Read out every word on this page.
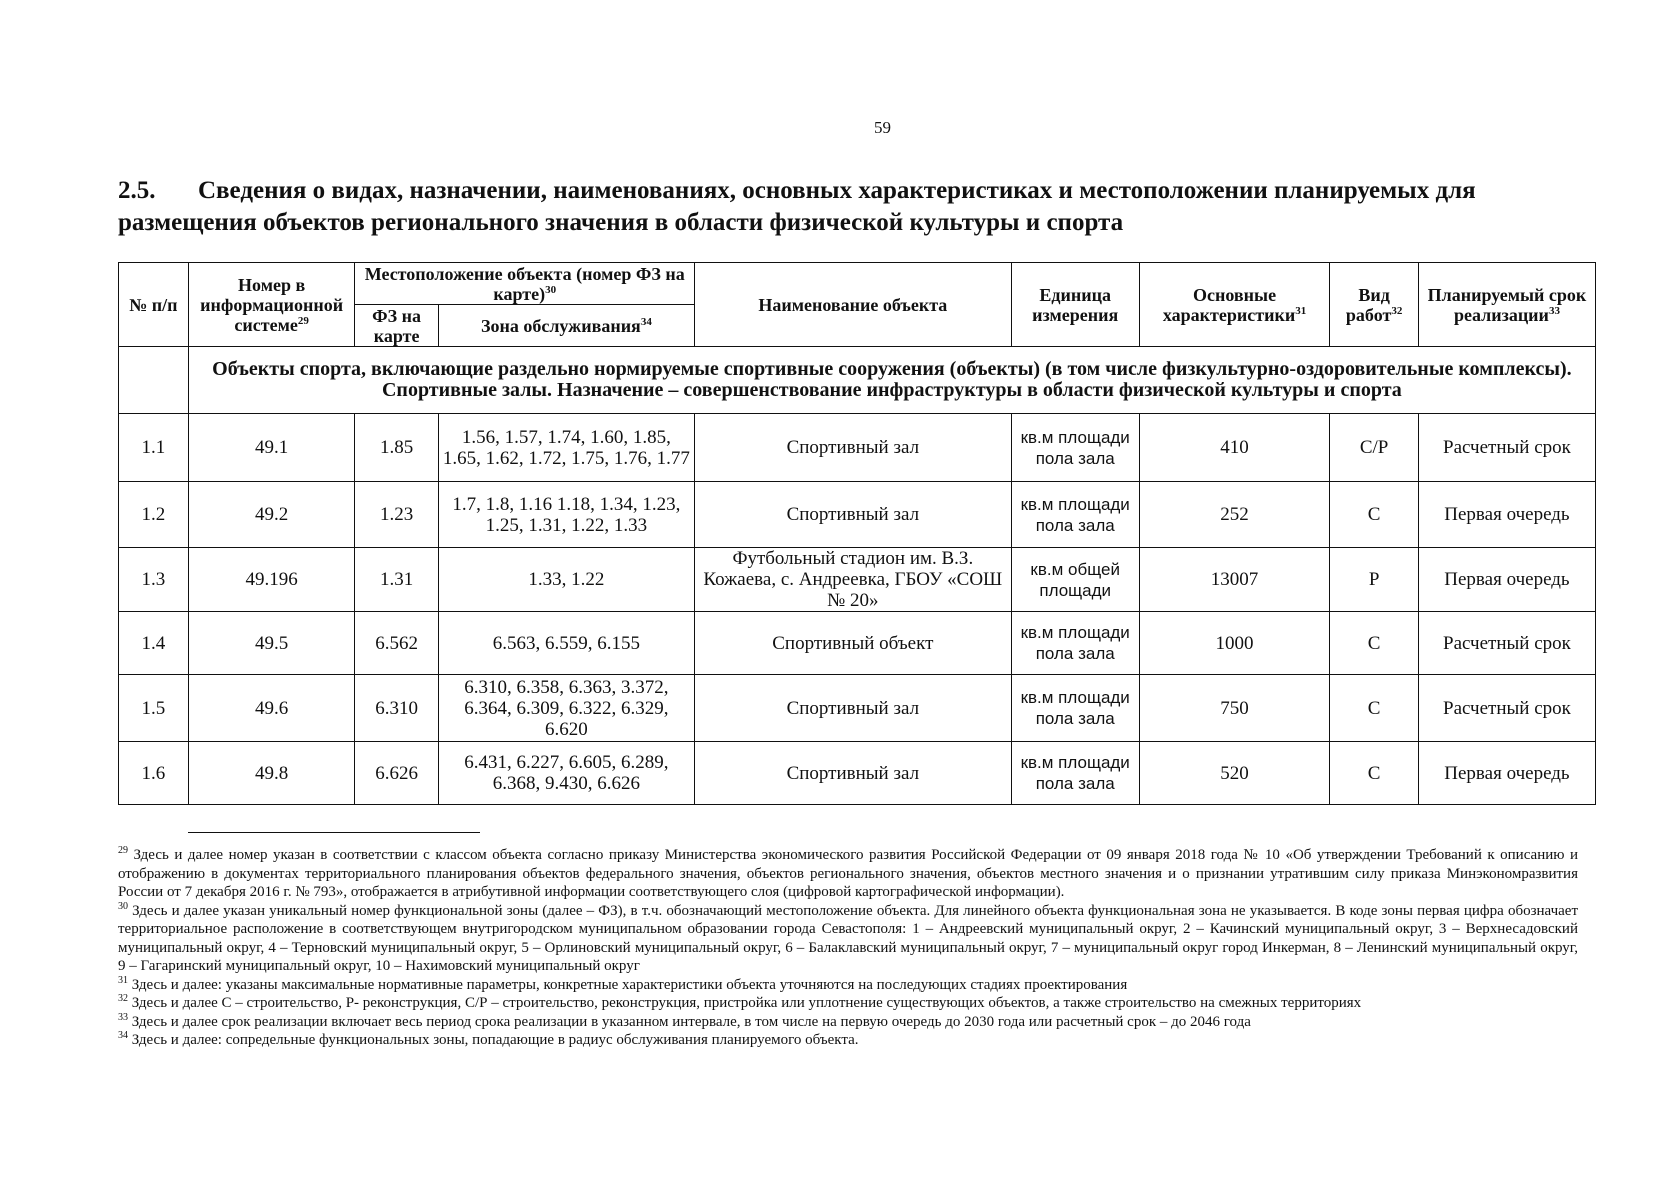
59
2.5. Сведения о видах, назначении, наименованиях, основных характеристиках и местоположении планируемых для размещения объектов регионального значения в области физической культуры и спорта
№ п/п	Номер в информационной системе$^{29}$	Местоположение объекта (номер ФЗ на карте)$^{30}$		Наименование объекта	Единица измерения	Основные характеристики$^{31}$	Вид работ$^{32}$	Планируемый срок реализации$^{33}$
		ФЗ на карте	Зона обслуживания$^{34}$
	Объекты спорта, включающие раздельно нормируемые спортивные сооружения (объекты) (в том числе физкультурно-оздоровительные комплексы). Спортивные залы. Назначение – совершенствование инфраструктуры в области физической культуры и спорта							
1.1	49.1	1.85	1.56, 1.57, 1.74, 1.60, 1.85, 1.65, 1.62, 1.72, 1.75, 1.76, 1.77	Спортивный зал	кв.м площади пола зала	410	С/Р	Расчетный срок
1.2	49.2	1.23	1.7, 1.8, 1.16 1.18, 1.34, 1.23, 1.25, 1.31, 1.22, 1.33	Спортивный зал	кв.м площади пола зала	252	С	Первая очередь
1.3	49.196	1.31	1.33, 1.22	Футбольный стадион им. В.З. Кожаева, с. Андреевка, ГБОУ «СОШ № 20»	кв.м общей площади	13007	Р	Первая очередь
1.4	49.5	6.562	6.563, 6.559, 6.155	Спортивный объект	кв.м площади пола зала	1000	С	Расчетный срок
1.5	49.6	6.310	6.310, 6.358, 6.363, 3.372, 6.364, 6.309, 6.322, 6.329, 6.620	Спортивный зал	кв.м площади пола зала	750	С	Расчетный срок
1.6	49.8	6.626	6.431, 6.227, 6.605, 6.289, 6.368, 9.430, 6.626	Спортивный зал	кв.м площади пола зала	520	С	Первая очередь

$^{29}$ Здесь и далее номер указан в соответствии с классом объекта согласно приказу Министерства экономического развития Российской Федерации от 09 января 2018 года № 10 «Об утверждении Требований к описанию и отображению в документах территориального планирования объектов федерального значения, объектов регионального значения, объектов местного значения и о признании утратившим силу приказа Минэкономразвития России от 7 декабря 2016 г. № 793», отображается в атрибутивной информации соответствующего слоя (цифровой картографической информации).

$^{30}$ Здесь и далее указан уникальный номер функциональной зоны (далее – ФЗ), в т.ч. обозначающий местоположение объекта. Для линейного объекта функциональная зона не указывается. В коде зоны первая цифра обозначает территориальное расположение в соответствующем внутригородском муниципальном образовании города Севастополя: 1 – Андреевский муниципальный округ, 2 – Качинский муниципальный округ, 3 – Верхнесадовский муниципальный округ, 4 – Терновский муниципальный округ, 5 – Орлиновский муниципальный округ, 6 – Балаклавский муниципальный округ, 7 – муниципальный округ город Инкерман, 8 – Ленинский муниципальный округ, 9 – Гагаринский муниципальный округ, 10 – Нахимовский муниципальный округ

$^{31}$ Здесь и далее: указаны максимальные нормативные параметры, конкретные характеристики объекта уточняются на последующих стадиях проектирования

$^{32}$ Здесь и далее С – строительство, Р- реконструкция, С/Р – строительство, реконструкция, пристройка или уплотнение существующих объектов, а также строительство на смежных территориях

$^{33}$ Здесь и далее срок реализации включает весь период срока реализации в указанном интервале, в том числе на первую очередь до 2030 года или расчетный срок – до 2046 года

$^{34}$ Здесь и далее: сопредельные функциональных зоны, попадающие в радиус обслуживания планируемого объекта.
